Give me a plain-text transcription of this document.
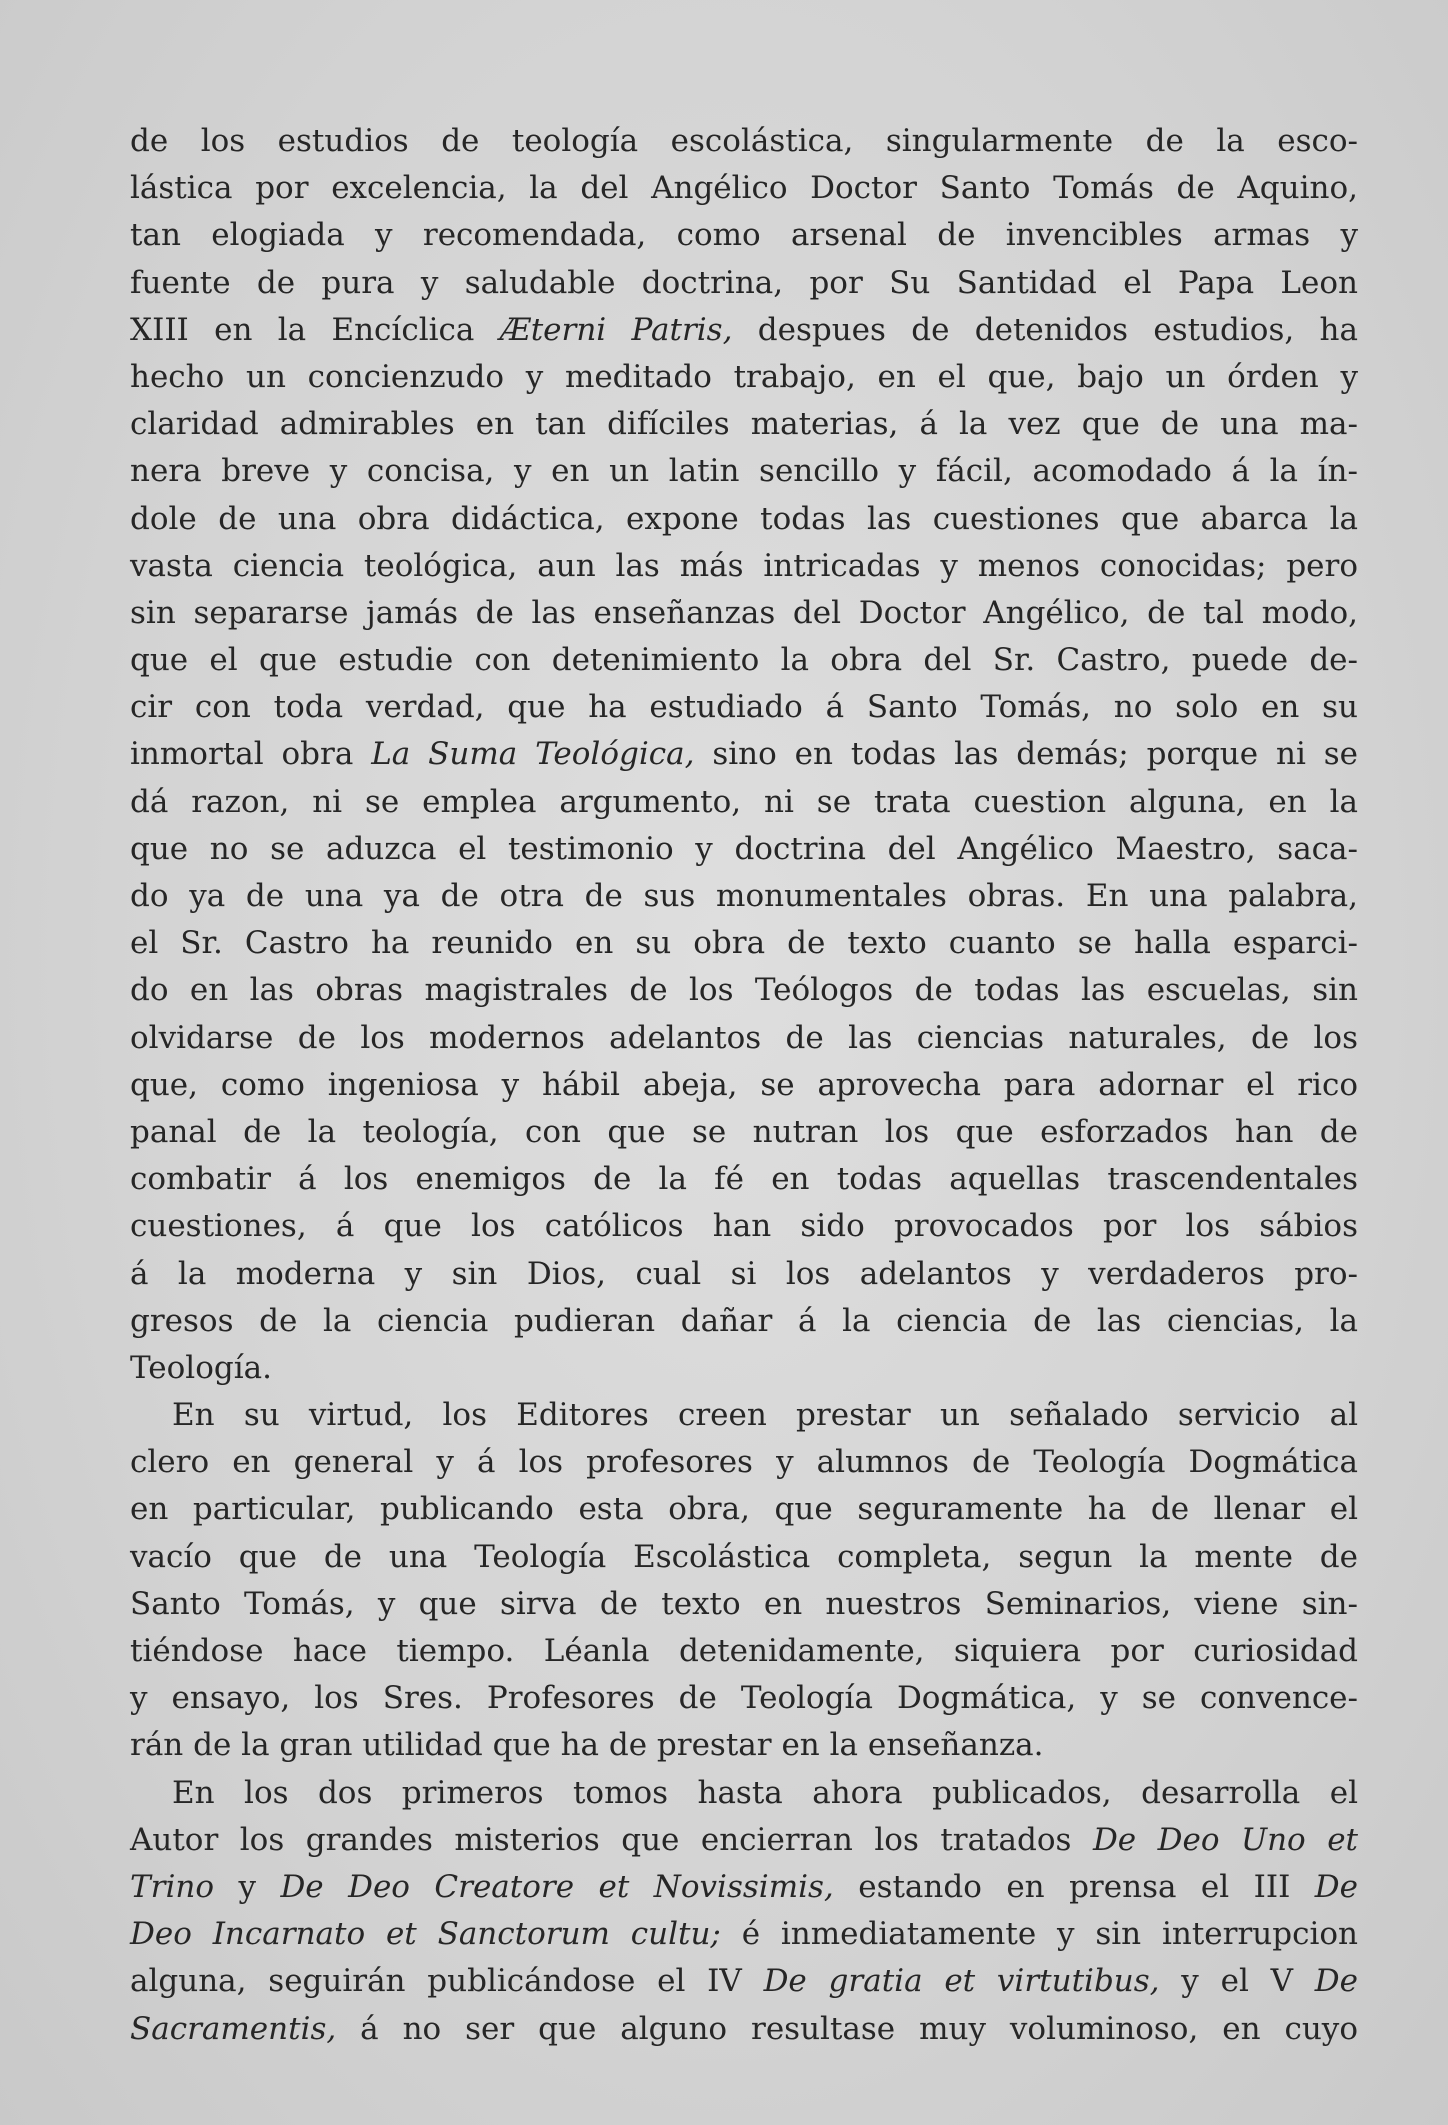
de los estudios de teología escolástica, singularmente de la esco-
lástica por excelencia, la del Angélico Doctor Santo Tomás de Aquino,
tan elogiada y recomendada, como arsenal de invencibles armas y
fuente de pura y saludable doctrina, por Su Santidad el Papa Leon
XIII en la Encíclica Æterni Patris, despues de detenidos estudios, ha
hecho un concienzudo y meditado trabajo, en el que, bajo un órden y
claridad admirables en tan difíciles materias, á la vez que de una ma-
nera breve y concisa, y en un latin sencillo y fácil, acomodado á la ín-
dole de una obra didáctica, expone todas las cuestiones que abarca la
vasta ciencia teológica, aun las más intricadas y menos conocidas; pero
sin separarse jamás de las enseñanzas del Doctor Angélico, de tal modo,
que el que estudie con detenimiento la obra del Sr. Castro, puede de-
cir con toda verdad, que ha estudiado á Santo Tomás, no solo en su
inmortal obra La Suma Teológica, sino en todas las demás; porque ni se
dá razon, ni se emplea argumento, ni se trata cuestion alguna, en la
que no se aduzca el testimonio y doctrina del Angélico Maestro, saca-
do ya de una ya de otra de sus monumentales obras. En una palabra,
el Sr. Castro ha reunido en su obra de texto cuanto se halla esparci-
do en las obras magistrales de los Teólogos de todas las escuelas, sin
olvidarse de los modernos adelantos de las ciencias naturales, de los
que, como ingeniosa y hábil abeja, se aprovecha para adornar el rico
panal de la teología, con que se nutran los que esforzados han de
combatir á los enemigos de la fé en todas aquellas trascendentales
cuestiones, á que los católicos han sido provocados por los sábios
á la moderna y sin Dios, cual si los adelantos y verdaderos pro-
gresos de la ciencia pudieran dañar á la ciencia de las ciencias, la
Teología.
En su virtud, los Editores creen prestar un señalado servicio al
clero en general y á los profesores y alumnos de Teología Dogmática
en particular, publicando esta obra, que seguramente ha de llenar el
vacío que de una Teología Escolástica completa, segun la mente de
Santo Tomás, y que sirva de texto en nuestros Seminarios, viene sin-
tiéndose hace tiempo. Léanla detenidamente, siquiera por curiosidad
y ensayo, los Sres. Profesores de Teología Dogmática, y se convence-
rán de la gran utilidad que ha de prestar en la enseñanza.
En los dos primeros tomos hasta ahora publicados, desarrolla el
Autor los grandes misterios que encierran los tratados De Deo Uno et
Trino y De Deo Creatore et Novissimis, estando en prensa el III De
Deo Incarnato et Sanctorum cultu; é inmediatamente y sin interrupcion
alguna, seguirán publicándose el IV De gratia et virtutibus, y el V De
Sacramentis, á no ser que alguno resultase muy voluminoso, en cuyo
